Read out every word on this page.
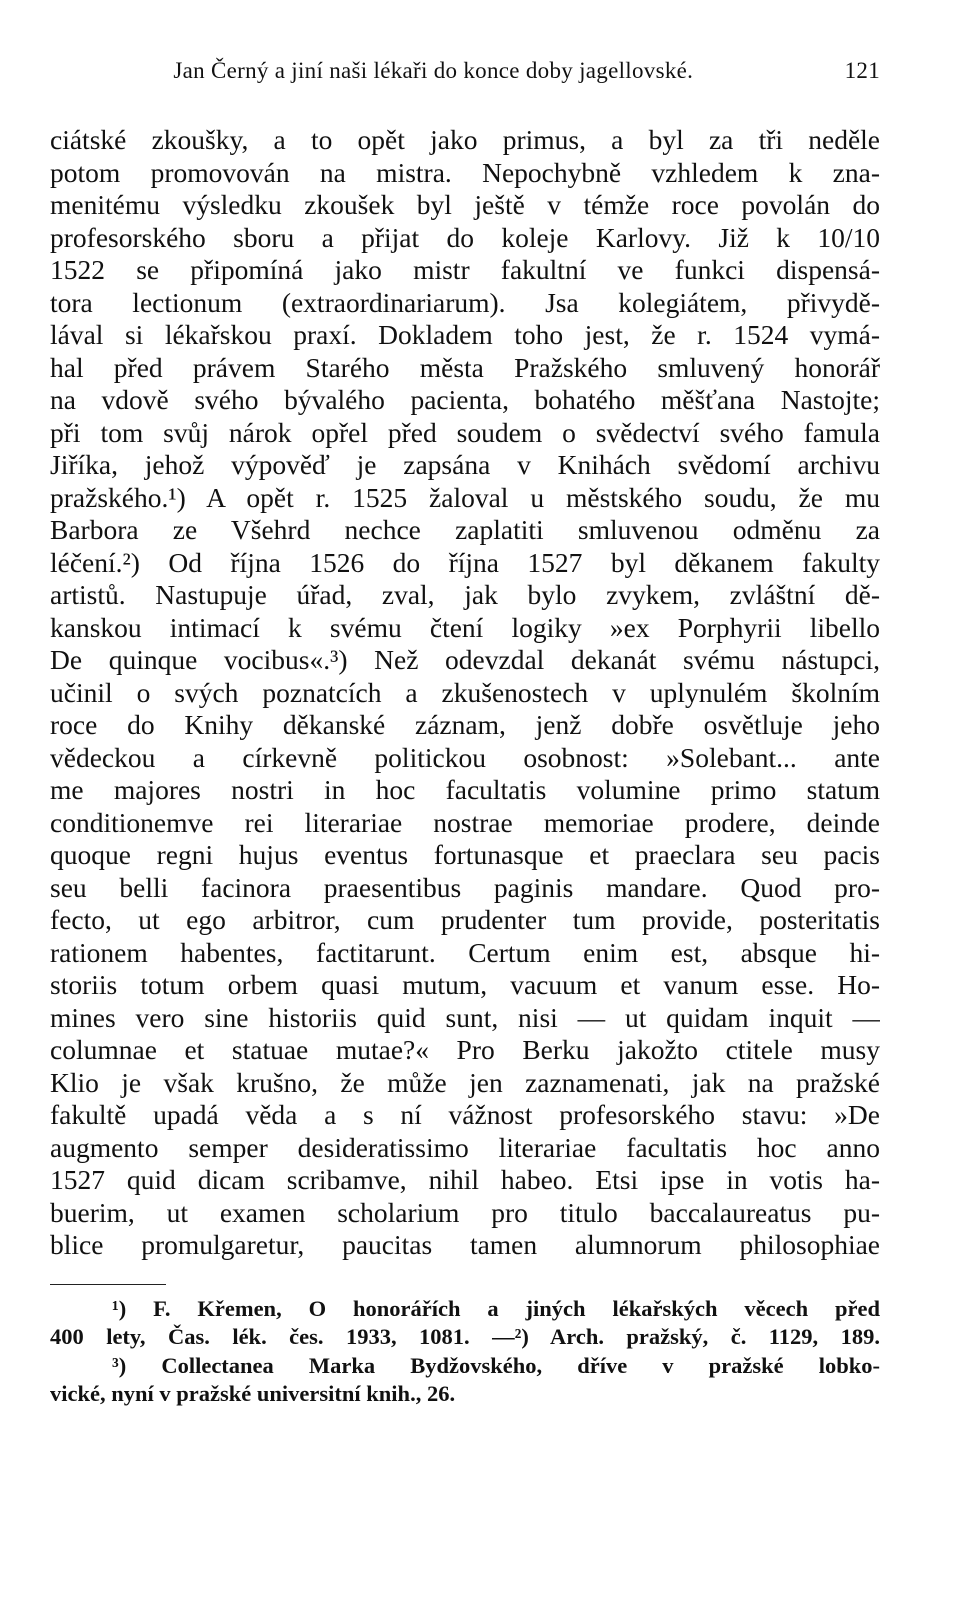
Jan Černý a jiní naši lékaři do konce doby jagellovské.	121
ciátské zkoušky, a to opět jako primus, a byl za tři neděle
potom promovován na mistra. Nepochybně vzhledem k zna-
menitému výsledku zkoušek byl ještě v témže roce povolán do
profesorského sboru a přijat do koleje Karlovy. Již k 10/10
1522 se připomíná jako mistr fakultní ve funkci dispensá-
tora lectionum (extraordinariarum). Jsa kolegiátem, přivydě-
lával si lékařskou praxí. Dokladem toho jest, že r. 1524 vymá-
hal před právem Starého města Pražského smluvený honorář
na vdově svého bývalého pacienta, bohatého měšťana Nastojte;
při tom svůj nárok opřel před soudem o svědectví svého famula
Jiříka, jehož výpověď je zapsána v Knihách svědomí archivu
pražského.¹) A opět r. 1525 žaloval u městského soudu, že mu
Barbora ze Všehrd nechce zaplatiti smluvenou odměnu za
léčení.²) Od října 1526 do října 1527 byl děkanem fakulty
artistů. Nastupuje úřad, zval, jak bylo zvykem, zvláštní dě-
kanskou intimací k svému čtení logiky »ex Porphyrii libello
De quinque vocibus«.³) Než odevzdal dekanát svému nástupci,
učinil o svých poznatcích a zkušenostech v uplynulém školním
roce do Knihy děkanské záznam, jenž dobře osvětluje jeho
vědeckou a církevně politickou osobnost: »Solebant... ante
me majores nostri in hoc facultatis volumine primo statum
conditionemve rei literariae nostrae memoriae prodere, deinde
quoque regni hujus eventus fortunasque et praeclara seu pacis
seu belli facinora praesentibus paginis mandare. Quod pro-
fecto, ut ego arbitror, cum prudenter tum provide, posteritatis
rationem habentes, factitarunt. Certum enim est, absque hi-
storiis totum orbem quasi mutum, vacuum et vanum esse. Ho-
mines vero sine historiis quid sunt, nisi — ut quidam inquit —
columnae et statuae mutae?« Pro Berku jakožto ctitele musy
Klio je však krušno, že může jen zaznamenati, jak na pražské
fakultě upadá věda a s ní vážnost profesorského stavu: »De
augmento semper desideratissimo literariae facultatis hoc anno
1527 quid dicam scribamve, nihil habeo. Etsi ipse in votis ha-
buerim, ut examen scholarium pro titulo baccalaureatus pu-
blice promulgaretur, paucitas tamen alumnorum philosophiae
¹) F. Křemen, O honorářích a jiných lékařských věcech před
400 lety, Čas. lék. čes. 1933, 1081. —²) Arch. pražský, č. 1129, 189.
³) Collectanea Marka Bydžovského, dříve v pražské lobko-
vické, nyní v pražské universitní knih., 26.
